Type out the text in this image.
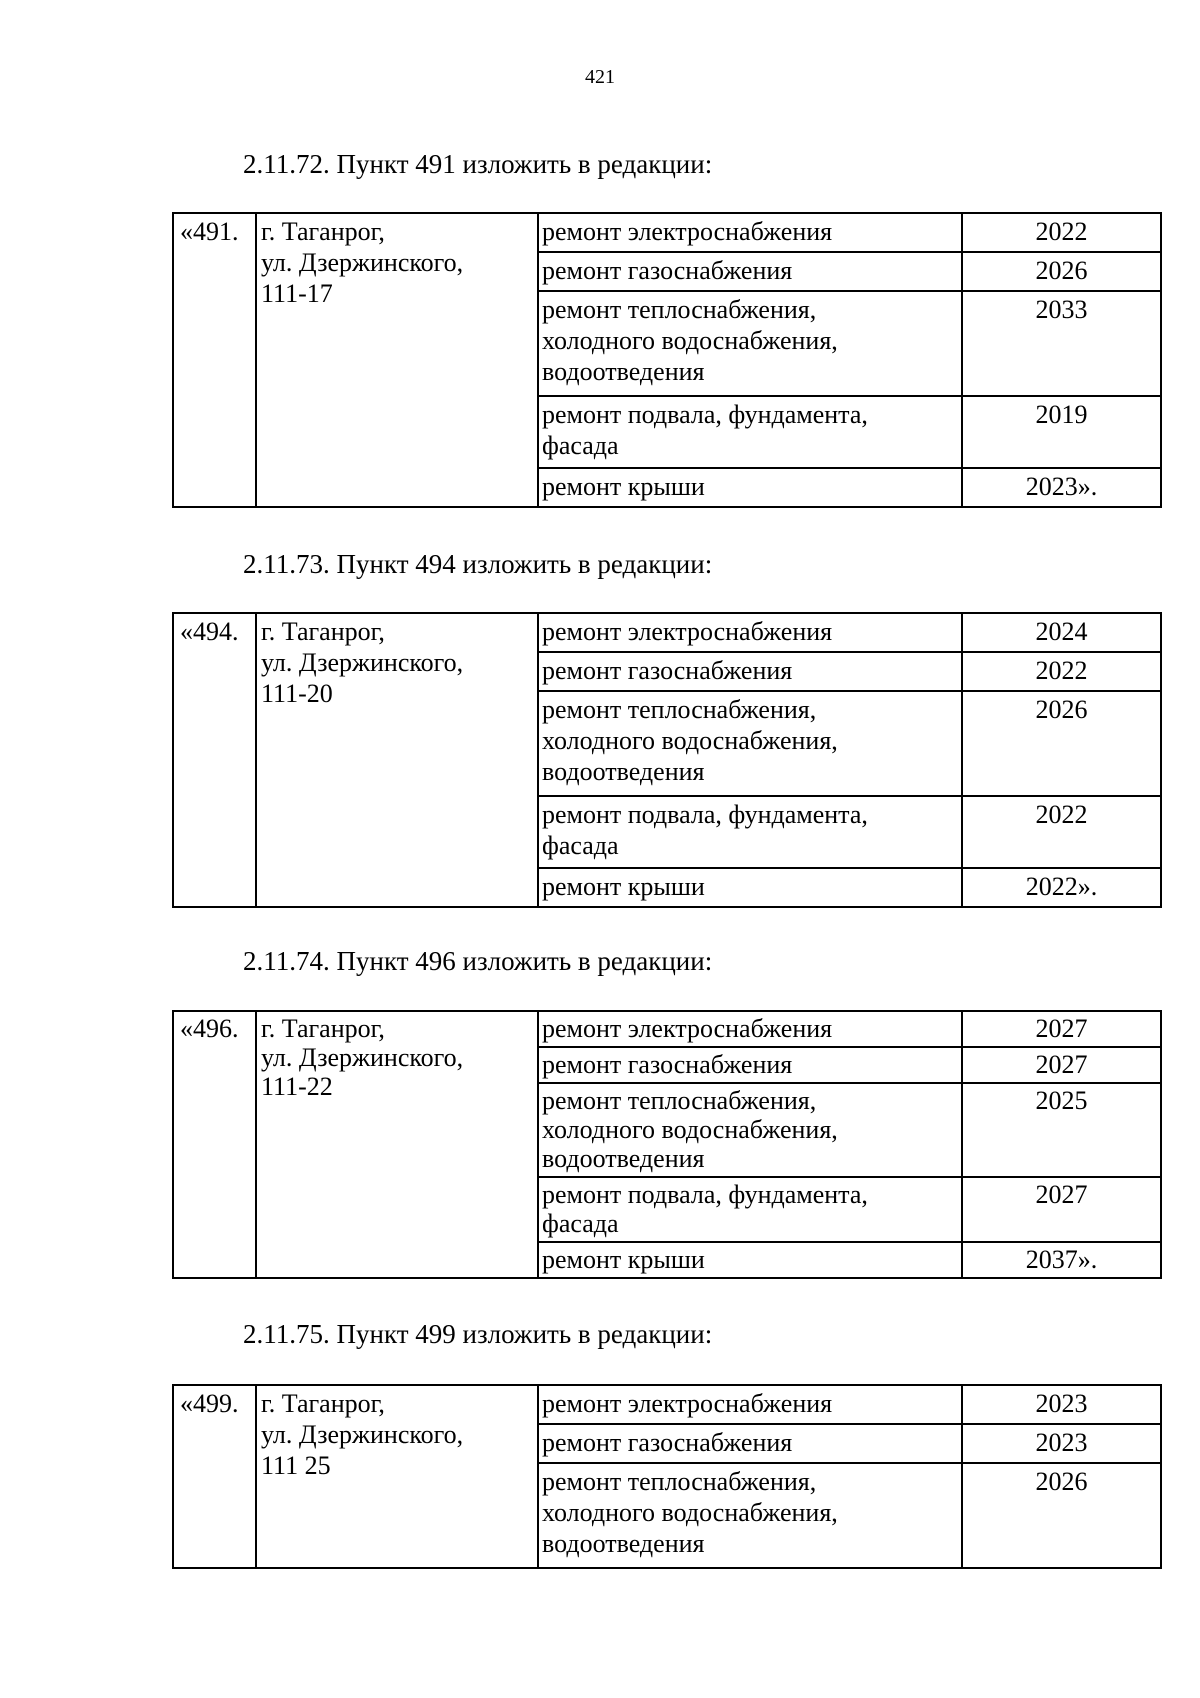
421
2.11.72. Пункт 491 изложить в редакции:
«491.	г. Таганрог,
ул. Дзержинского,
111-17	ремонт электроснабжения	2022

		ремонт газоснабжения	2026

		ремонт теплоснабжения,
холодного водоснабжения,
водоотведения	2033

		ремонт подвала, фундамента,
фасада	2019

		ремонт крыши	2023».
2.11.73. Пункт 494 изложить в редакции:
«494.	г. Таганрог,
ул. Дзержинского,
111-20	ремонт электроснабжения	2024

		ремонт газоснабжения	2022

		ремонт теплоснабжения,
холодного водоснабжения,
водоотведения	2026

		ремонт подвала, фундамента,
фасада	2022

		ремонт крыши	2022».
2.11.74. Пункт 496 изложить в редакции:
«496.	г. Таганрог,
ул. Дзержинского,
111-22	ремонт электроснабжения	2027

		ремонт газоснабжения	2027

		ремонт теплоснабжения,
холодного водоснабжения,
водоотведения	2025

		ремонт подвала, фундамента,
фасада	2027

		ремонт крыши	2037».
2.11.75. Пункт 499 изложить в редакции:
«499.	г. Таганрог,
ул. Дзержинского,
111 25	ремонт электроснабжения	2023

		ремонт газоснабжения	2023

		ремонт теплоснабжения,
холодного водоснабжения,
водоотведения	2026
